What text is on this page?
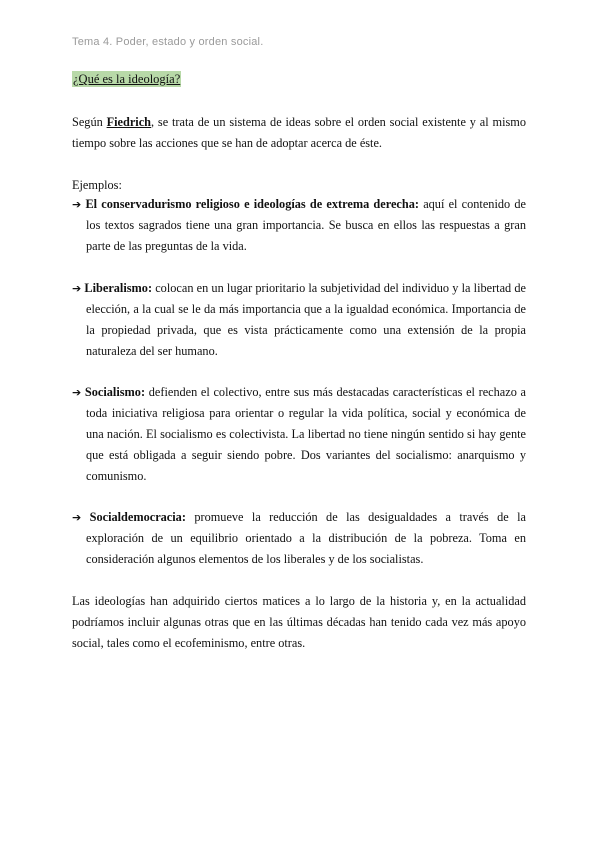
Tema 4. Poder, estado y orden social.
¿Qué es la ideología?

Según Fiedrich, se trata de un sistema de ideas sobre el orden social existente y al mismo tiempo sobre las acciones que se han de adoptar acerca de éste.

Ejemplos:

➔ El conservadurismo religioso e ideologías de extrema derecha: aquí el contenido de los textos sagrados tiene una gran importancia. Se busca en ellos las respuestas a gran parte de las preguntas de la vida.
➔ Liberalismo: colocan en un lugar prioritario la subjetividad del individuo y la libertad de elección, a la cual se le da más importancia que a la igualdad económica. Importancia de la propiedad privada, que es vista prácticamente como una extensión de la propia naturaleza del ser humano.
➔ Socialismo: defienden el colectivo, entre sus más destacadas características el rechazo a toda iniciativa religiosa para orientar o regular la vida política, social y económica de una nación. El socialismo es colectivista. La libertad no tiene ningún sentido si hay gente que está obligada a seguir siendo pobre. Dos variantes del socialismo: anarquismo y comunismo.
➔ Socialdemocracia: promueve la reducción de las desigualdades a través de la exploración de un equilibrio orientado a la distribución de la pobreza. Toma en consideración algunos elementos de los liberales y de los socialistas.

Las ideologías han adquirido ciertos matices a lo largo de la historia y, en la actualidad podríamos incluir algunas otras que en las últimas décadas han tenido cada vez más apoyo social, tales como el ecofeminismo, entre otras.
